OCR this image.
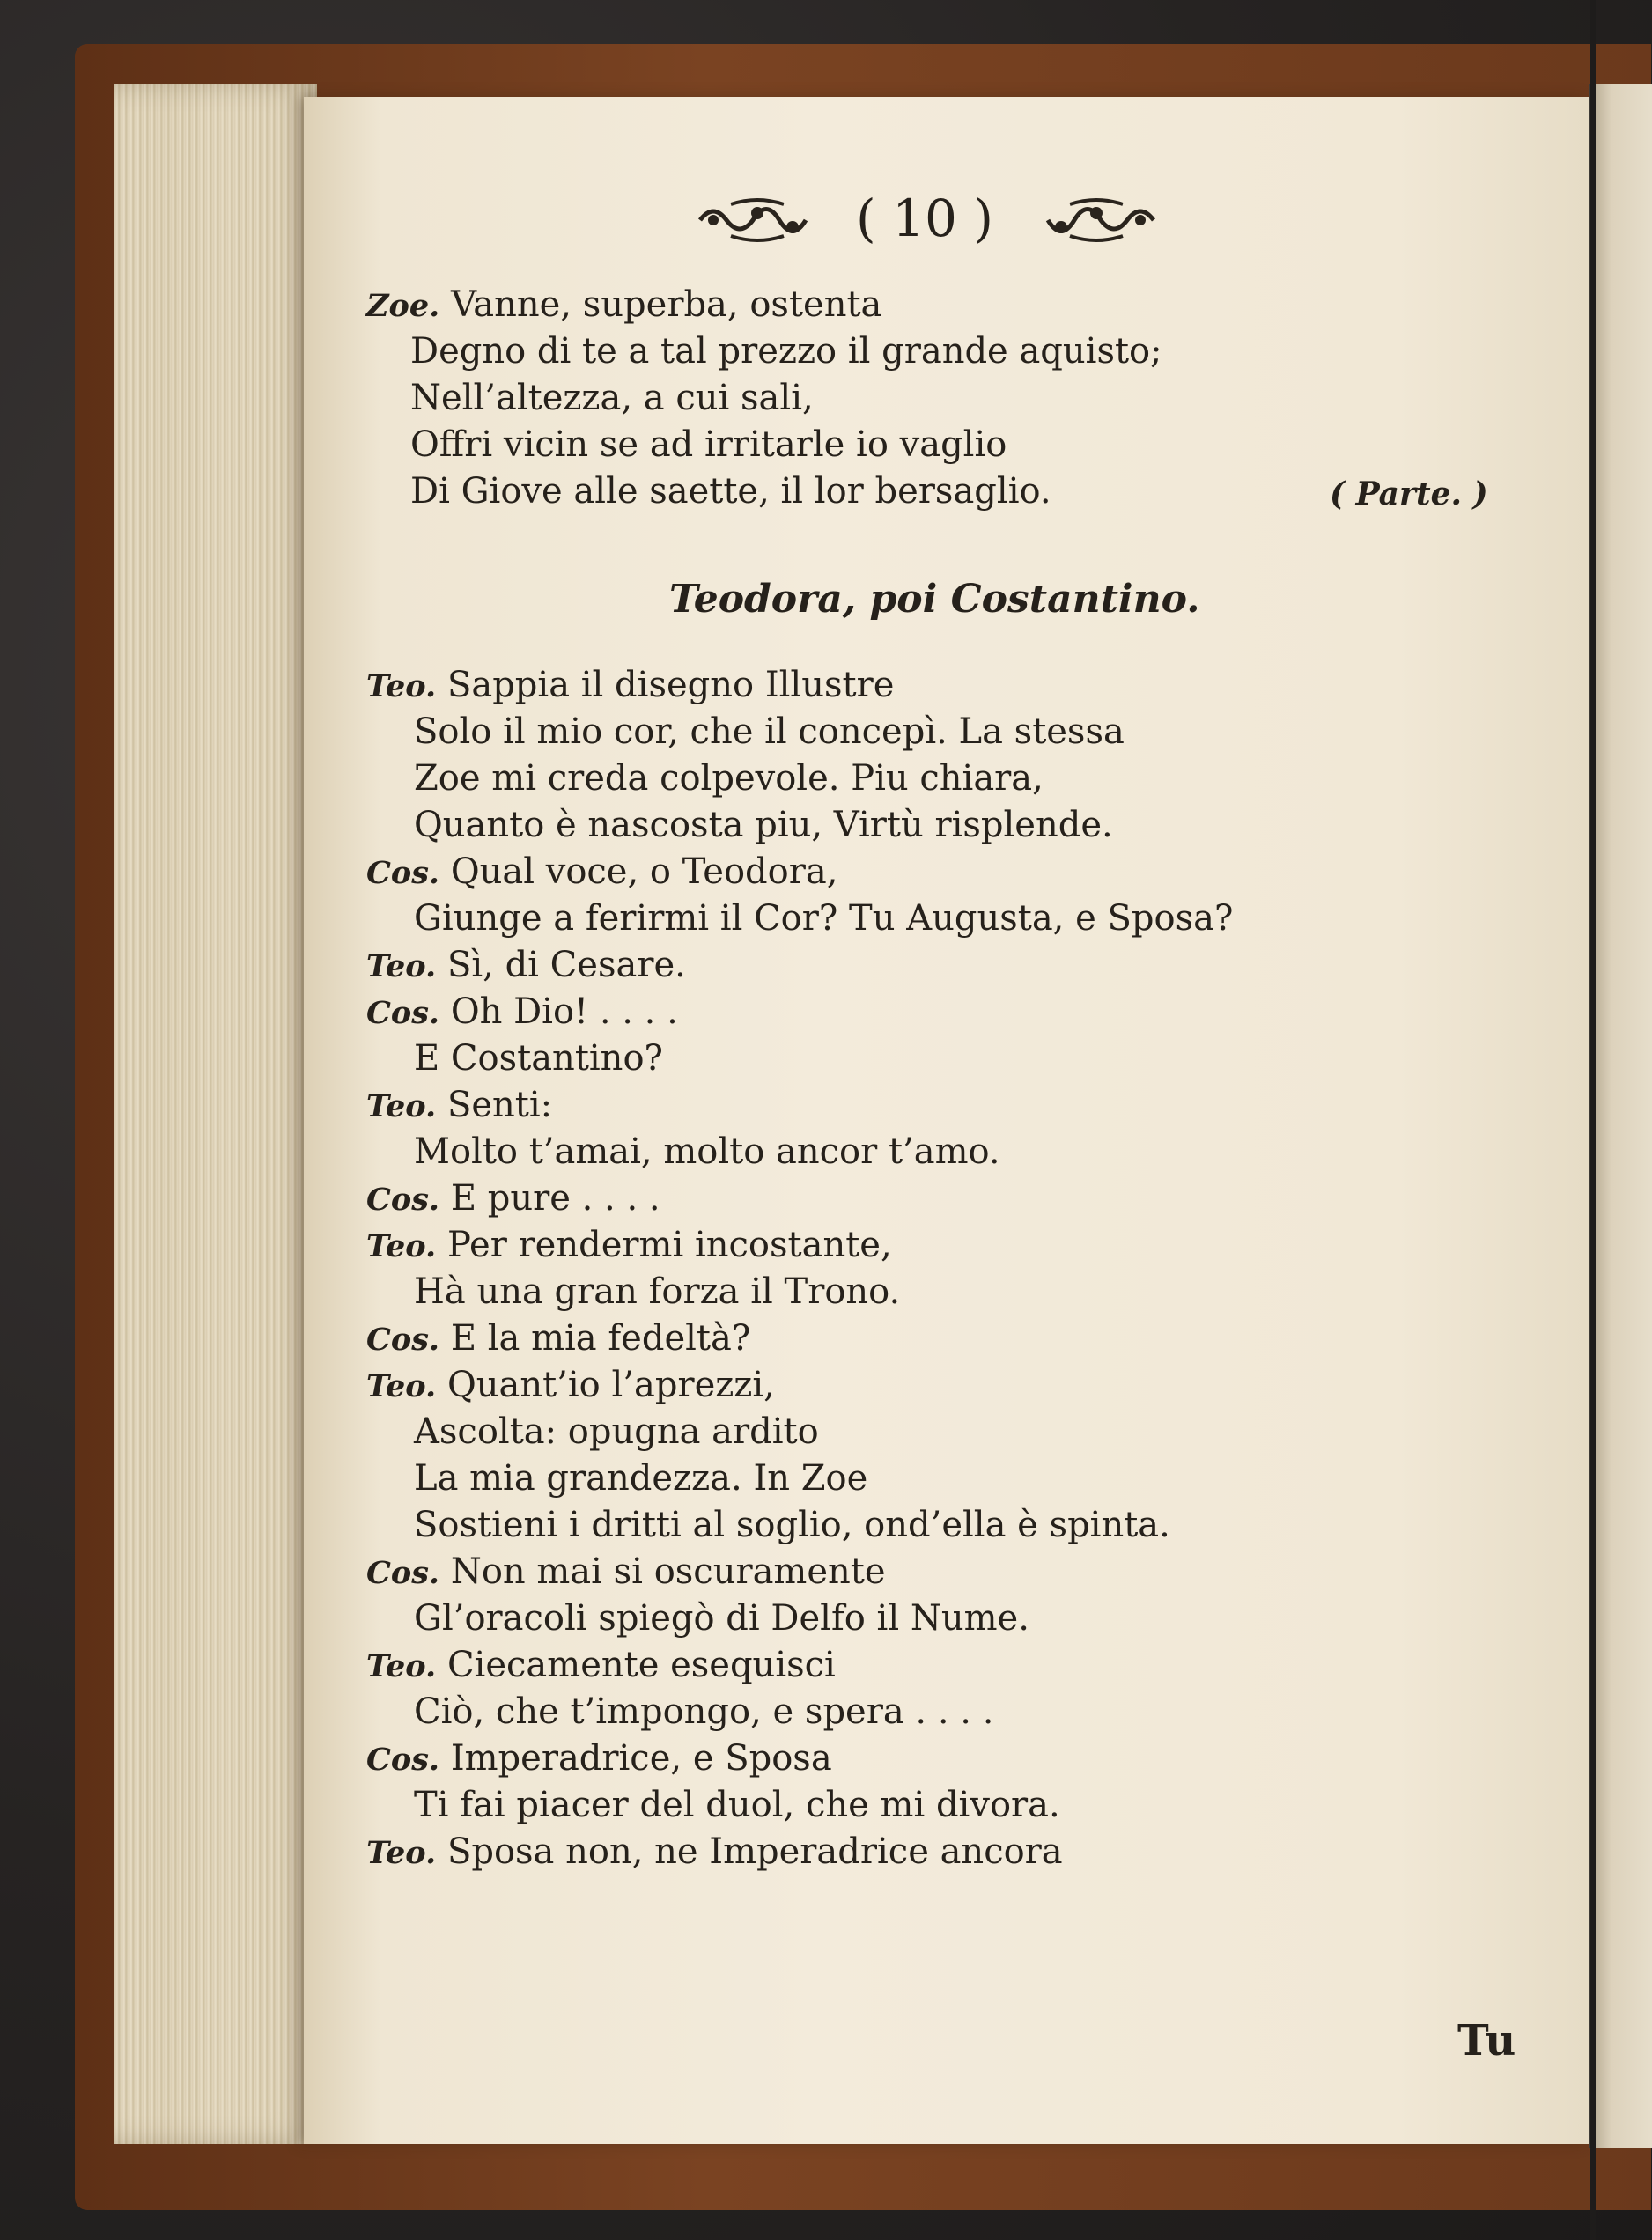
( 10 )
Zoe. Vanne, superba, ostenta
Degno di te a tal prezzo il grande aquisto;
Nell’altezza, a cui sali,
Offri vicin se ad irritarle io vaglio
Di Giove alle saette, il lor bersaglio.	( Parte. )
Teodora, poi Costantino.
Teo. Sappia il disegno Illustre
Solo il mio cor, che il concepì. La stessa
Zoe mi creda colpevole. Piu chiara,
Quanto è nascosta piu, Virtù risplende.
Cos. Qual voce, o Teodora,
Giunge a ferirmi il Cor? Tu Augusta, e Sposa?
Teo. Sì, di Cesare.
Cos. Oh Dio! . . . .
E Costantino?
Teo. Senti:
Molto t’amai, molto ancor t’amo.
Cos. E pure . . . .
Teo. Per rendermi incostante,
Hà una gran forza il Trono.
Cos. E la mia fedeltà?
Teo. Quant’io l’aprezzi,
Ascolta: opugna ardito
La mia grandezza. In Zoe
Sostieni i dritti al soglio, ond’ella è spinta.
Cos. Non mai si oscuramente
Gl’oracoli spiegò di Delfo il Nume.
Teo. Ciecamente esequisci
Ciò, che t’impongo, e spera . . . .
Cos. Imperadrice, e Sposa
Ti fai piacer del duol, che mi divora.
Teo. Sposa non, ne Imperadrice ancora
Tu
